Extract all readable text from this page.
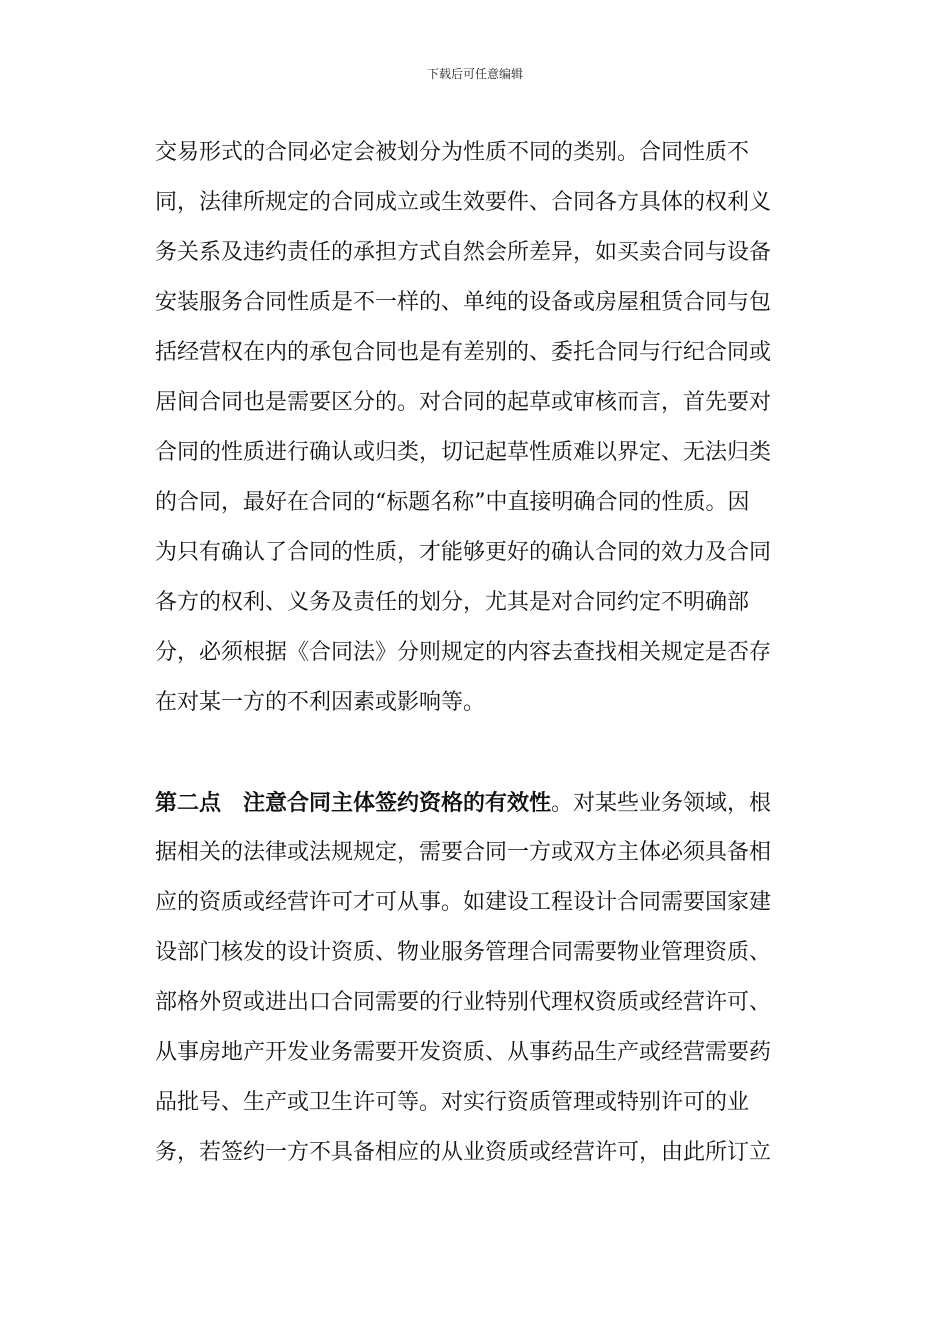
下载后可任意编辑
交易形式的合同必定会被划分为性质不同的类别。合同性质不
同，法律所规定的合同成立或生效要件、合同各方具体的权利义
务关系及违约责任的承担方式自然会所差异，如买卖合同与设备
安装服务合同性质是不一样的、单纯的设备或房屋租赁合同与包
括经营权在内的承包合同也是有差别的、委托合同与行纪合同或
居间合同也是需要区分的。对合同的起草或审核而言，首先要对
合同的性质进行确认或归类，切记起草性质难以界定、无法归类
的合同，最好在合同的“标题名称”中直接明确合同的性质。因
为只有确认了合同的性质，才能够更好的确认合同的效力及合同
各方的权利、义务及责任的划分，尤其是对合同约定不明确部
分，必须根据《合同法》分则规定的内容去查找相关规定是否存
在对某一方的不利因素或影响等。
第二点　注意合同主体签约资格的有效性。对某些业务领域，根
据相关的法律或法规规定，需要合同一方或双方主体必须具备相
应的资质或经营许可才可从事。如建设工程设计合同需要国家建
设部门核发的设计资质、物业服务管理合同需要物业管理资质、
部格外贸或进出口合同需要的行业特别代理权资质或经营许可、
从事房地产开发业务需要开发资质、从事药品生产或经营需要药
品批号、生产或卫生许可等。对实行资质管理或特别许可的业
务，若签约一方不具备相应的从业资质或经营许可，由此所订立
